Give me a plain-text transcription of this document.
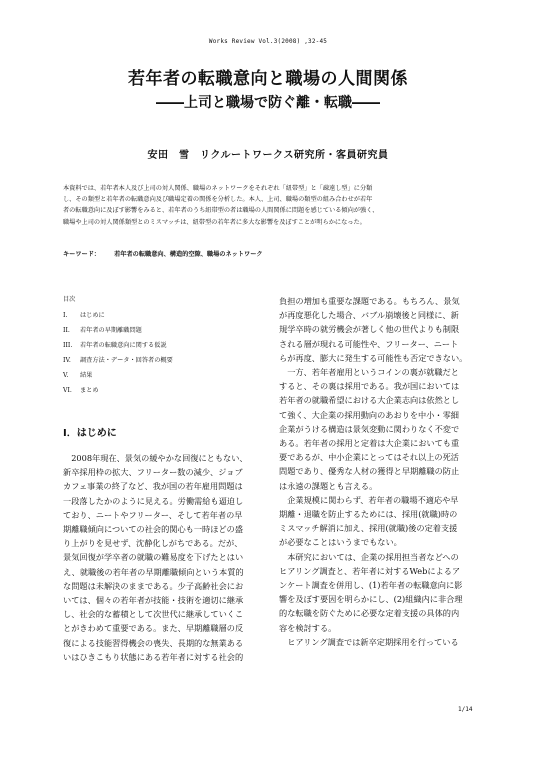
Works Review Vol.3(2008) ,32-45
若年者の転職意向と職場の人間関係
――上司と職場で防ぐ離・転職――
安田　雪　リクルートワークス研究所・客員研究員
本資料では、若年者本人及び上司の対人関係、職場のネットワークをそれぞれ「紐帯型」と「疎遠し型」に分類
し、その類型と若年者の転職意向及び職場定着の関係を分析した。本人、上司、職場の類型の組み合わせが若年
者の転職意向に及ぼす影響をみると、若年者のうち紐帯型の者は職場の人間関係に問題を感じている傾向が強く、
職場や上司の対人関係類型とのミスマッチは、紐帯型の若年者に多大な影響を及ぼすことが明らかになった。
キーワード： 若年者の転職意向、構造的空隙、職場のネットワーク
目次
I. はじめに
II. 若年者の早期離職問題
III. 若年者の転職意向に関する仮説
IV. 調査方法・データ・回答者の概要
V. 結果
VI. まとめ
Ⅰ．はじめに
　2008年現在、景気の緩やかな回復にともない、
新卒採用枠の拡大、フリーター数の減少、ジョブ
カフェ事業の終了など、我が国の若年雇用問題は
一段落したかのように見える。労働需給も逼迫し
ており、ニートやフリーター、そして若年者の早
期離職傾向についての社会的関心も一時ほどの盛
り上がりを見せず、沈静化しがちである。だが、
景気回復が学卒者の就職の難易度を下げたとはい
え、就職後の若年者の早期離職傾向という本質的
な問題は未解決のままである。少子高齢社会にお
いては、個々の若年者が技能・技術を適切に継承
し、社会的な蓄積として次世代に継承していくこ
とがきわめて重要である。また、早期離職層の反
復による技能習得機会の喪失、長期的な無業ある
いはひきこもり状態にある若年者に対する社会的
負担の増加も重要な課題である。もちろん、景気
が再度悪化した場合、バブル崩壊後と同様に、新
規学卒時の就労機会が著しく他の世代よりも制限
される層が現れる可能性や、フリーター、ニート
らが再度、膨大に発生する可能性も否定できない。
　一方、若年者雇用というコインの裏が就職だと
すると、その裏は採用である。我が国においては
若年者の就職希望における大企業志向は依然とし
て強く、大企業の採用動向のあおりを中小・零細
企業がうける構造は景気変動に関わりなく不変で
ある。若年者の採用と定着は大企業においても重
要であるが、中小企業にとってはそれ以上の死活
問題であり、優秀な人材の獲得と早期離職の防止
は永遠の課題とも言える。
　企業規模に関わらず、若年者の職場不適応や早
期離・退職を防止するためには、採用(就職)時の
ミスマッチ解消に加え、採用(就職)後の定着支援
が必要なことはいうまでもない。
　本研究においては、企業の採用担当者などへの
ヒアリング調査と、若年者に対するWebによるア
ンケート調査を併用し、(1)若年者の転職意向に影
響を及ぼす要因を明らかにし、(2)組織内に非合理
的な転職を防ぐために必要な定着支援の具体的内
容を検討する。
　ヒアリング調査では新卒定期採用を行っている
1/14
